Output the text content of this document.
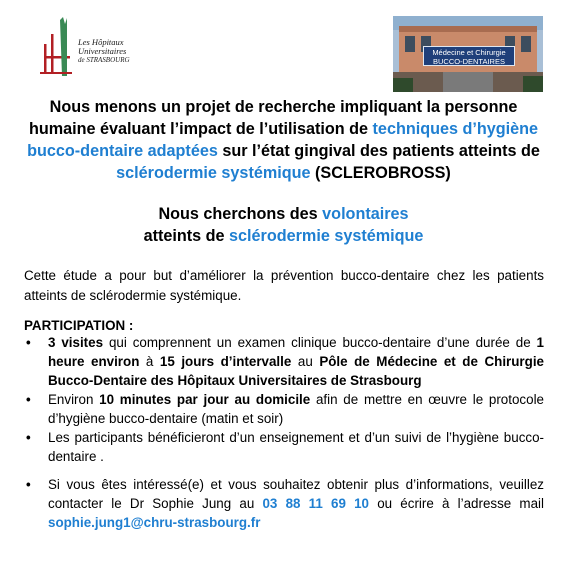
Les Hôpitaux
Universitaires
de STRASBOURG
Médecine et Chirurgie
BUCCO-DENTAIRES
Nous menons un projet de recherche impliquant la personne humaine évaluant l’impact de l’utilisation de techniques d’hygiène bucco-dentaire adaptées sur l’état gingival des patients atteints de sclérodermie systémique (SCLEROBROSS)
Nous cherchons des volontaires
atteints de sclérodermie systémique
Cette étude a pour but d’améliorer la prévention bucco-dentaire chez les patients atteints de sclérodermie systémique.
PARTICIPATION :
• 3 visites qui comprennent un examen clinique bucco-dentaire d’une durée de 1 heure environ à 15 jours d’intervalle au Pôle de Médecine et de Chirurgie Bucco-Dentaire des Hôpitaux Universitaires de Strasbourg
• Environ 10 minutes par jour au domicile afin de mettre en œuvre le protocole d’hygiène bucco-dentaire (matin et soir)
• Les participants bénéficieront d’un enseignement et d’un suivi de l’hygiène bucco-dentaire .
• Si vous êtes intéressé(e) et vous souhaitez obtenir plus d’informations, veuillez contacter le Dr Sophie Jung au 03 88 11 69 10 ou écrire à l’adresse mail sophie.jung1@chru-strasbourg.fr
